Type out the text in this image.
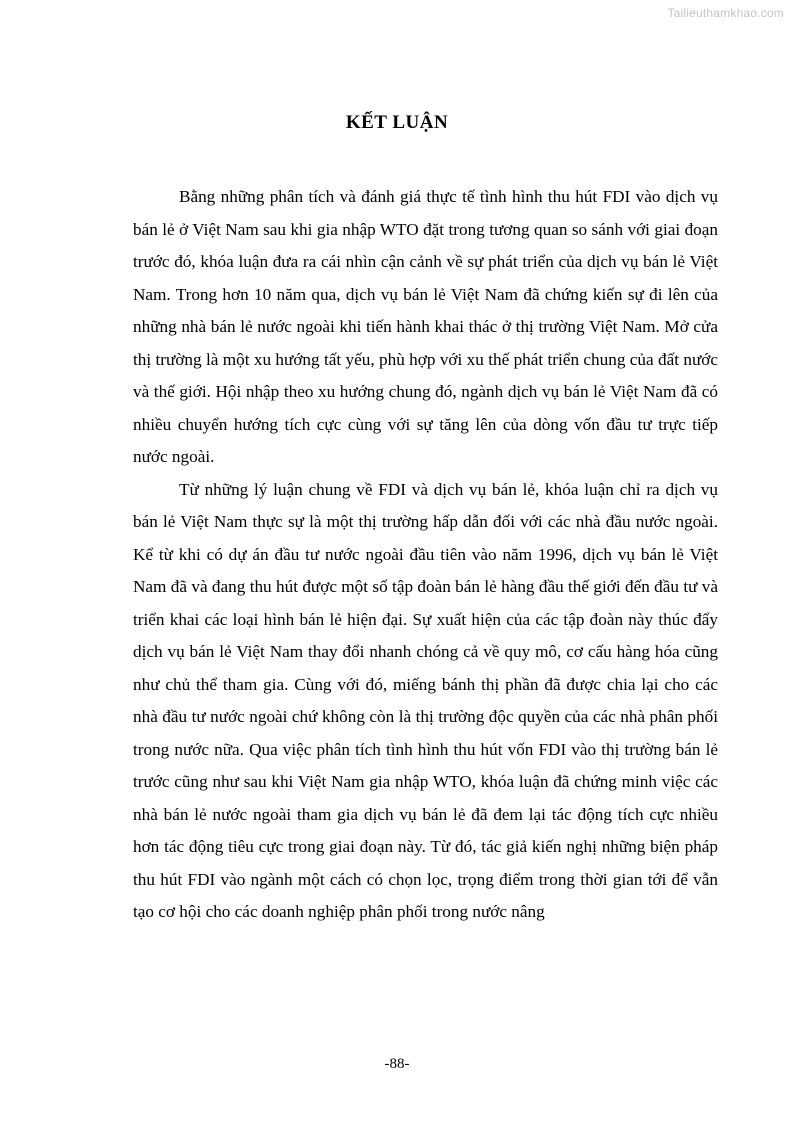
Tailieuthamkhao.com
KẾT LUẬN

Bằng những phân tích và đánh giá thực tế tình hình thu hút FDI vào dịch vụ bán lẻ ở Việt Nam sau khi gia nhập WTO đặt trong tương quan so sánh với giai đoạn trước đó, khóa luận đưa ra cái nhìn cận cảnh về sự phát triển của dịch vụ bán lẻ Việt Nam. Trong hơn 10 năm qua, dịch vụ bán lẻ Việt Nam đã chứng kiến sự đi lên của những nhà bán lẻ nước ngoài khi tiến hành khai thác ở thị trường Việt Nam. Mở cửa thị trường là một xu hướng tất yếu, phù hợp với xu thế phát triển chung của đất nước và thế giới. Hội nhập theo xu hướng chung đó, ngành dịch vụ bán lẻ Việt Nam đã có nhiều chuyển hướng tích cực cùng với sự tăng lên của dòng vốn đầu tư trực tiếp nước ngoài.

Từ những lý luận chung về FDI và dịch vụ bán lẻ, khóa luận chỉ ra dịch vụ bán lẻ Việt Nam thực sự là một thị trường hấp dẫn đối với các nhà đầu nước ngoài. Kể từ khi có dự án đầu tư nước ngoài đầu tiên vào năm 1996, dịch vụ bán lẻ Việt Nam đã và đang thu hút được một số tập đoàn bán lẻ hàng đầu thế giới đến đầu tư và triển khai các loại hình bán lẻ hiện đại. Sự xuất hiện của các tập đoàn này thúc đẩy dịch vụ bán lẻ Việt Nam thay đổi nhanh chóng cả về quy mô, cơ cấu hàng hóa cũng như chủ thể tham gia. Cùng với đó, miếng bánh thị phần đã được chia lại cho các nhà đầu tư nước ngoài chứ không còn là thị trường độc quyền của các nhà phân phối trong nước nữa. Qua việc phân tích tình hình thu hút vốn FDI vào thị trường bán lẻ trước cũng như sau khi Việt Nam gia nhập WTO, khóa luận đã chứng minh việc các nhà bán lẻ nước ngoài tham gia dịch vụ bán lẻ đã đem lại tác động tích cực nhiều hơn tác động tiêu cực trong giai đoạn này. Từ đó, tác giả kiến nghị những biện pháp thu hút FDI vào ngành một cách có chọn lọc, trọng điểm trong thời gian tới để vẫn tạo cơ hội cho các doanh nghiệp phân phối trong nước nâng

-88-
